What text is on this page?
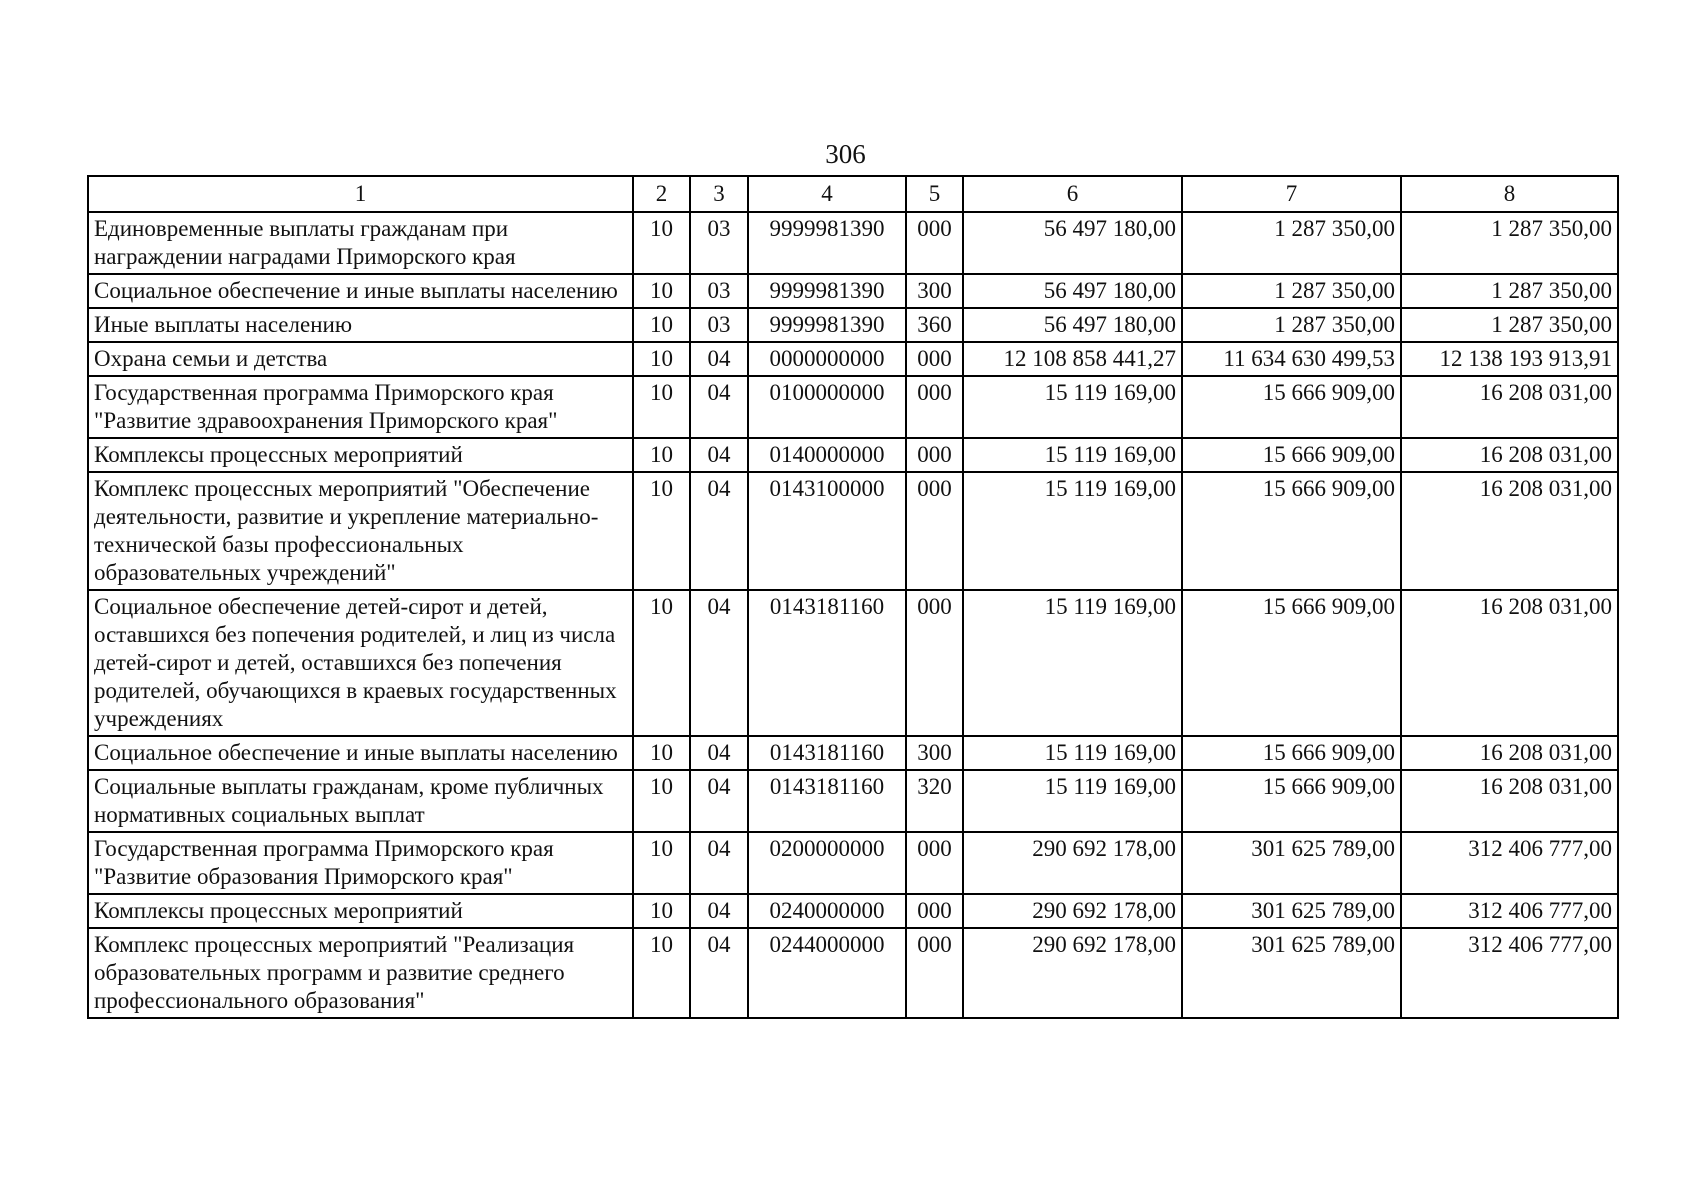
306
1	2	3	4	5	6	7	8
Единовременные выплаты гражданам при награждении наградами Приморского края	10	03	9999981390	000	56 497 180,00	1 287 350,00	1 287 350,00
Социальное обеспечение и иные выплаты населению	10	03	9999981390	300	56 497 180,00	1 287 350,00	1 287 350,00
Иные выплаты населению	10	03	9999981390	360	56 497 180,00	1 287 350,00	1 287 350,00
Охрана семьи и детства	10	04	0000000000	000	12 108 858 441,27	11 634 630 499,53	12 138 193 913,91
Государственная программа Приморского края "Развитие здравоохранения Приморского края"	10	04	0100000000	000	15 119 169,00	15 666 909,00	16 208 031,00
Комплексы процессных мероприятий	10	04	0140000000	000	15 119 169,00	15 666 909,00	16 208 031,00
Комплекс процессных мероприятий "Обеспечение деятельности, развитие и укрепление материально-технической базы профессиональных образовательных учреждений"	10	04	0143100000	000	15 119 169,00	15 666 909,00	16 208 031,00
Социальное обеспечение детей-сирот и детей, оставшихся без попечения родителей, и лиц из числа детей-сирот и детей, оставшихся без попечения родителей, обучающихся в краевых государственных учреждениях	10	04	0143181160	000	15 119 169,00	15 666 909,00	16 208 031,00
Социальное обеспечение и иные выплаты населению	10	04	0143181160	300	15 119 169,00	15 666 909,00	16 208 031,00
Социальные выплаты гражданам, кроме публичных нормативных социальных выплат	10	04	0143181160	320	15 119 169,00	15 666 909,00	16 208 031,00
Государственная программа Приморского края "Развитие образования Приморского края"	10	04	0200000000	000	290 692 178,00	301 625 789,00	312 406 777,00
Комплексы процессных мероприятий	10	04	0240000000	000	290 692 178,00	301 625 789,00	312 406 777,00
Комплекс процессных мероприятий "Реализация образовательных программ и развитие среднего профессионального образования"	10	04	0244000000	000	290 692 178,00	301 625 789,00	312 406 777,00
